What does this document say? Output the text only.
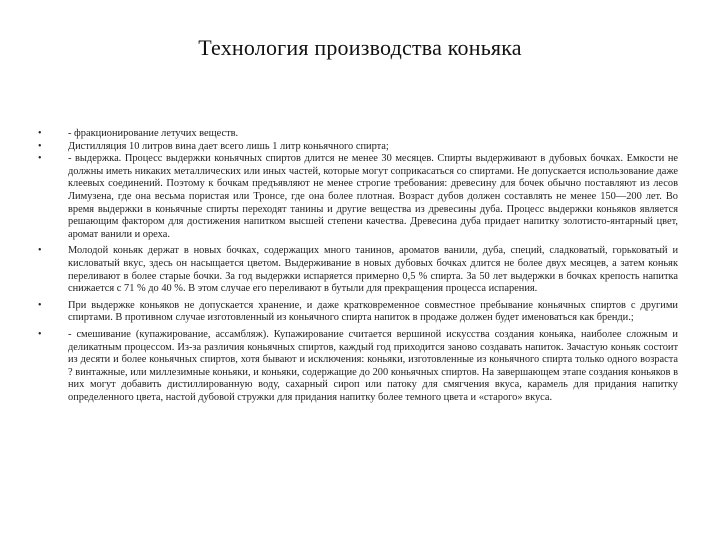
Технология производства коньяка
•	- фракционирование летучих веществ.
•	Дистилляция 10 литров вина дает всего лишь 1 литр коньячного спирта;
•	- выдержка. Процесс выдержки коньячных спиртов длится не менее 30 месяцев. Спирты выдерживают в дубовых бочках. Емкости не должны иметь никаких металлических или иных частей, которые могут соприкасаться со спиртами. Не допускается использование даже клеевых соединений. Поэтому к бочкам предъявляют не менее строгие требования: древесину для бочек обычно поставляют из лесов Лимузена, где она весьма пористая или Тронсе, где она более плотная. Возраст дубов должен составлять не менее 150—200 лет. Во время выдержки в коньячные спирты переходят танины и другие вещества из древесины дуба. Процесс выдержки коньяков является решающим фактором для достижения напитком высшей степени качества. Древесина дуба придает напитку золотисто-янтарный цвет, аромат ванили и ореха.
•	Молодой коньяк держат в новых бочках, содержащих много танинов, ароматов ванили, дуба, специй, сладковатый, горьковатый и кисловатый вкус, здесь он насыщается цветом. Выдерживание в новых дубовых бочках длится не более двух месяцев, а затем коньяк переливают в более старые бочки. За год выдержки испаряется примерно 0,5 % спирта. За 50 лет выдержки в бочках крепость напитка снижается с 71 % до 40 %. В этом случае его переливают в бутыли для прекращения процесса испарения.
•	При выдержке коньяков не допускается хранение, и даже кратковременное совместное пребывание коньячных спиртов с другими спиртами. В противном случае изготовленный из коньячного спирта напиток в продаже должен будет именоваться как бренди.;
•	- смешивание (купажирование, ассамбляж). Купажирование считается вершиной искусства создания коньяка, наиболее сложным и деликатным процессом. Из-за различия коньячных спиртов, каждый год приходится заново создавать напиток. Зачастую коньяк состоит из десяти и более коньячных спиртов, хотя бывают и исключения: коньяки, изготовленные из коньячного спирта только одного возраста ? винтажные, или миллезимные коньяки, и коньяки, содержащие до 200 коньячных спиртов. На завершающем этапе создания коньяков в них могут добавить дистиллированную воду, сахарный сироп или патоку для смягчения вкуса, карамель для придания напитку определенного цвета, настой дубовой стружки для придания напитку более темного цвета и «старого» вкуса.
